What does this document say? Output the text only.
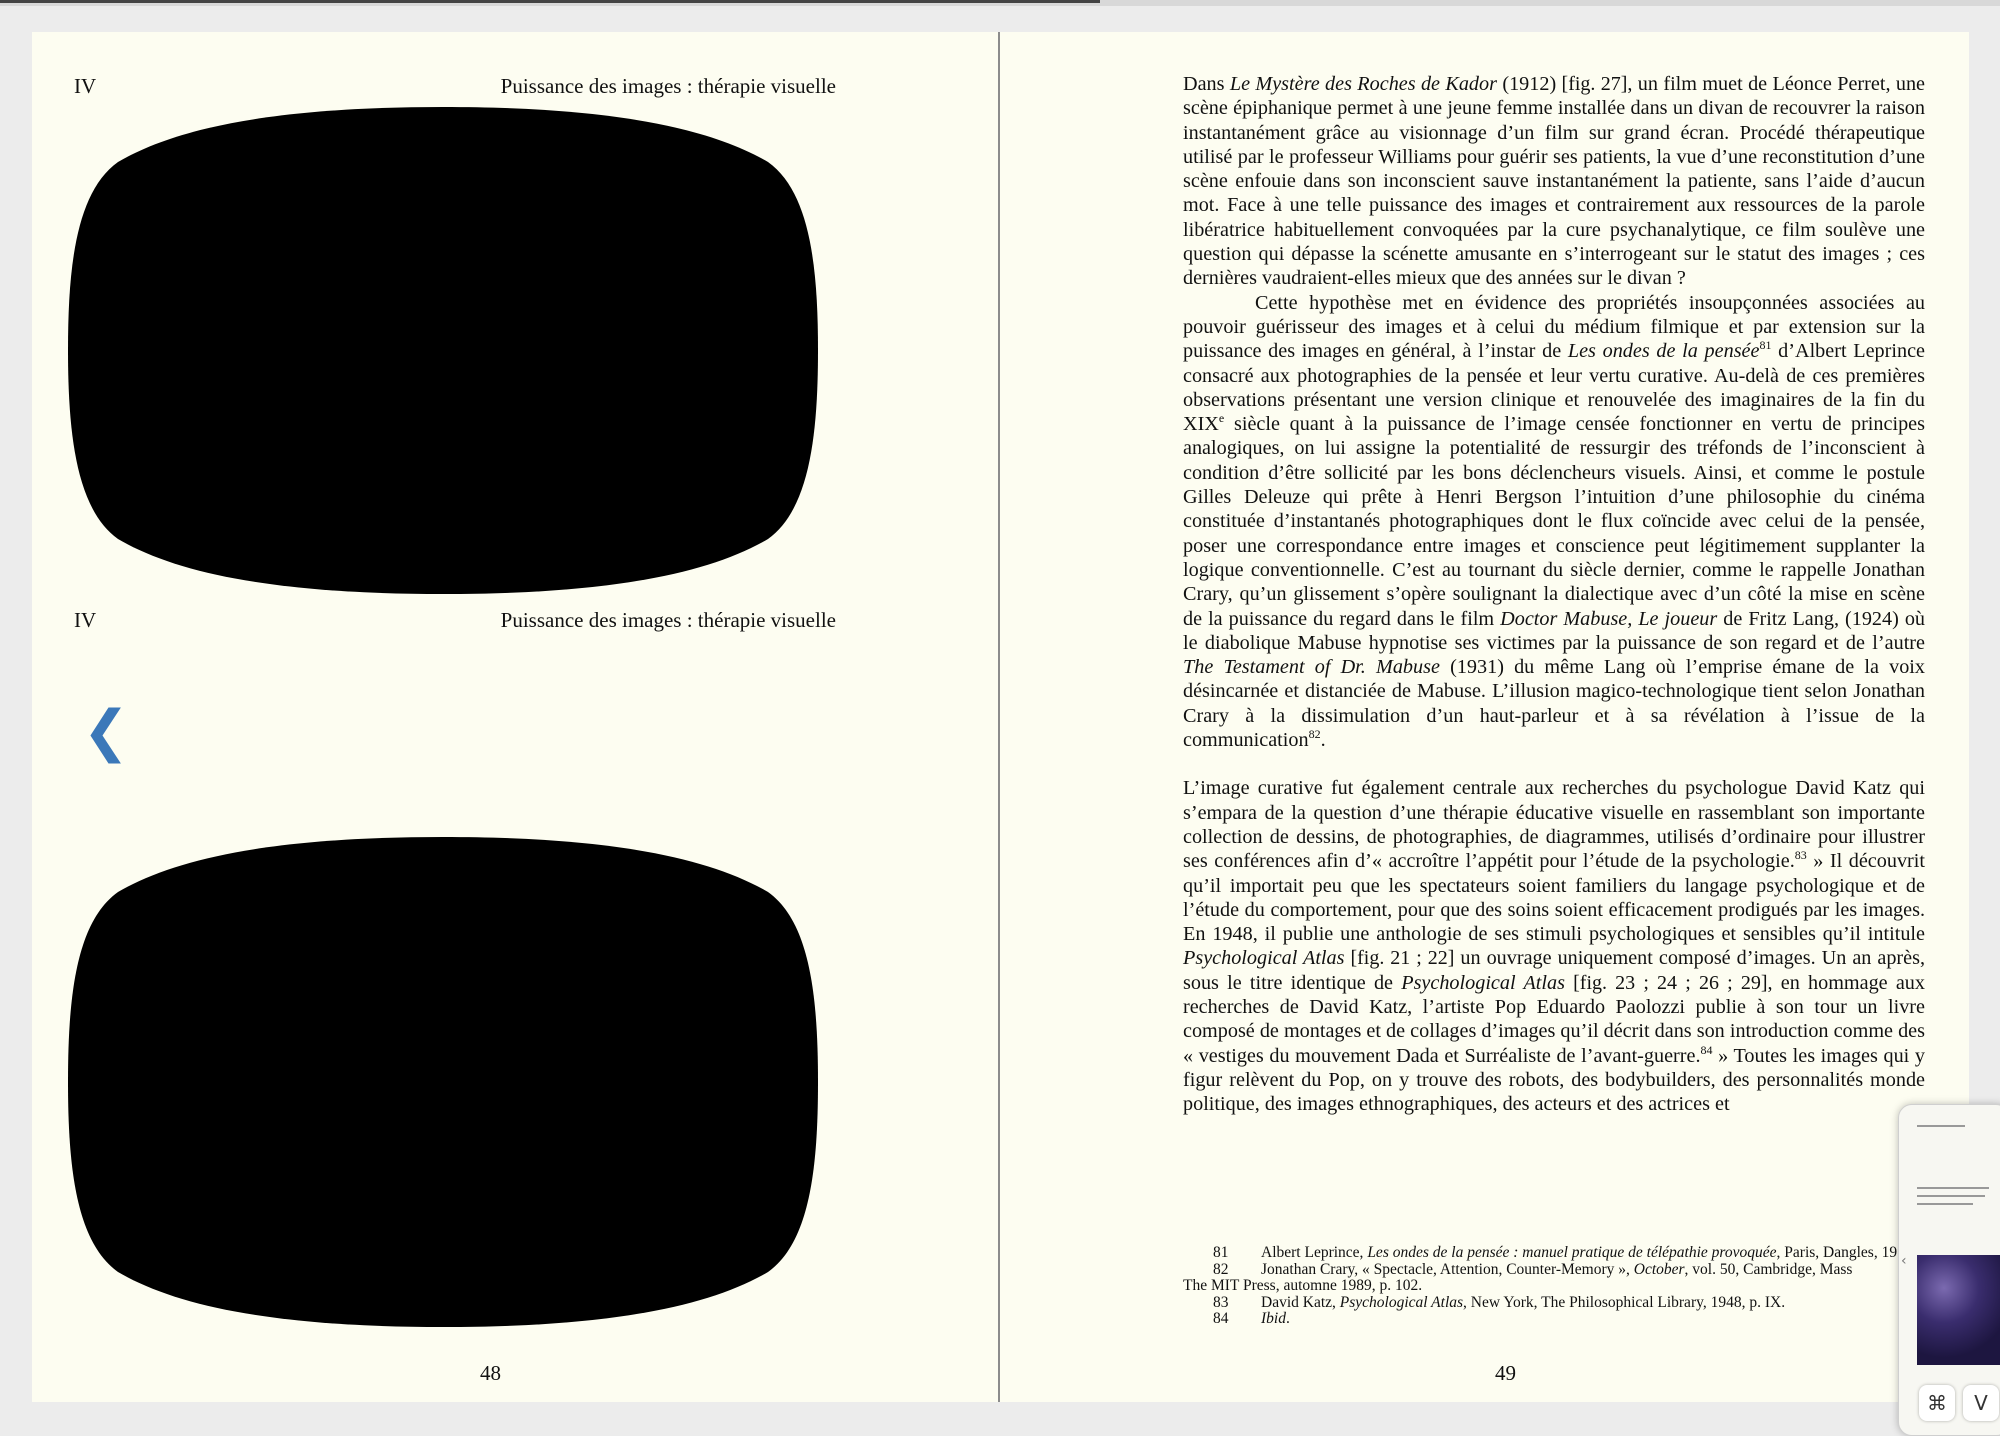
IV	Puissance des images : thérapie visuelle
IV	Puissance des images : thérapie visuelle
❮
48

Dans Le Mystère des Roches de Kador (1912) [fig. 27], un film muet de Léonce Perret, une scène épiphanique permet à une jeune femme installée dans un divan de recouvrer la raison instantanément grâce au visionnage d’un film sur grand écran. Procédé thérapeutique utilisé par le professeur Williams pour guérir ses patients, la vue d’une reconstitution d’une scène enfouie dans son inconscient sauve instantanément la patiente, sans l’aide d’aucun mot. Face à une telle puissance des images et contrairement aux ressources de la parole libératrice habituellement convoquées par la cure psychanalytique, ce film soulève une question qui dépasse la scénette amusante en s’interrogeant sur le statut des images ; ces dernières vaudraient-elles mieux que des années sur le divan ?

Cette hypothèse met en évidence des propriétés insoupçonnées associées au pouvoir guérisseur des images et à celui du médium filmique et par extension sur la puissance des images en général, à l’instar de Les ondes de la pensée$^{81}$ d’Albert Leprince consacré aux photographies de la pensée et leur vertu curative. Au-delà de ces premières observations présentant une version clinique et renouvelée des imaginaires de la fin du XIXe siècle quant à la puissance de l’image censée fonctionner en vertu de principes analogiques, on lui assigne la potentialité de ressurgir des tréfonds de l’inconscient à condition d’être sollicité par les bons déclencheurs visuels. Ainsi, et comme le postule Gilles Deleuze qui prête à Henri Bergson l’intuition d’une philosophie du cinéma constituée d’instantanés photographiques dont le flux coïncide avec celui de la pensée, poser une correspondance entre images et conscience peut légitimement supplanter la logique conventionnelle. C’est au tournant du siècle dernier, comme le rappelle Jonathan Crary, qu’un glissement s’opère soulignant la dialectique avec d’un côté la mise en scène de la puissance du regard dans le film Doctor Mabuse, Le joueur de Fritz Lang, (1924) où le diabolique Mabuse hypnotise ses victimes par la puissance de son regard et de l’autre The Testament of Dr. Mabuse (1931) du même Lang où l’emprise émane de la voix désincarnée et distanciée de Mabuse. L’illusion magico-technologique tient selon Jonathan Crary à la dissimulation d’un haut-parleur et à sa révélation à l’issue de la communication$^{82}$.

L’image curative fut également centrale aux recherches du psychologue David Katz qui s’empara de la question d’une thérapie éducative visuelle en rassemblant son importante collection de dessins, de photographies, de diagrammes, utilisés d’ordinaire pour illustrer ses conférences afin d’« accroître l’appétit pour l’étude de la psychologie.$^{83}$ » Il découvrit qu’il importait peu que les spectateurs soient familiers du langage psychologique et de l’étude du comportement, pour que des soins soient efficacement prodigués par les images. En 1948, il publie une anthologie de ses stimuli psychologiques et sensibles qu’il intitule Psychological Atlas [fig. 21 ; 22] un ouvrage uniquement composé d’images. Un an après, sous le titre identique de Psychological Atlas [fig. 23 ; 24 ; 26 ; 29], en hommage aux recherches de David Katz, l’artiste Pop Eduardo Paolozzi publie à son tour un livre composé de montages et de collages d’images qu’il décrit dans son introduction comme des « vestiges du mouvement Dada et Surréaliste de l’avant-guerre.$^{84}$ » Toutes les images qui y figur relèvent du Pop, on y trouve des robots, des bodybuilders, des personnalités monde politique, des images ethnographiques, des acteurs et des actrices et

81 Albert Leprince, Les ondes de la pensée : manuel pratique de télépathie provoquée, Paris, Dangles, 19
82 Jonathan Crary, « Spectacle, Attention, Counter-Memory », October, vol. 50, Cambridge, Mass
The MIT Press, automne 1989, p. 102.
83 David Katz, Psychological Atlas, New York, The Philosophical Library, 1948, p. IX.
84 Ibid.
49
‹
⌘ V
